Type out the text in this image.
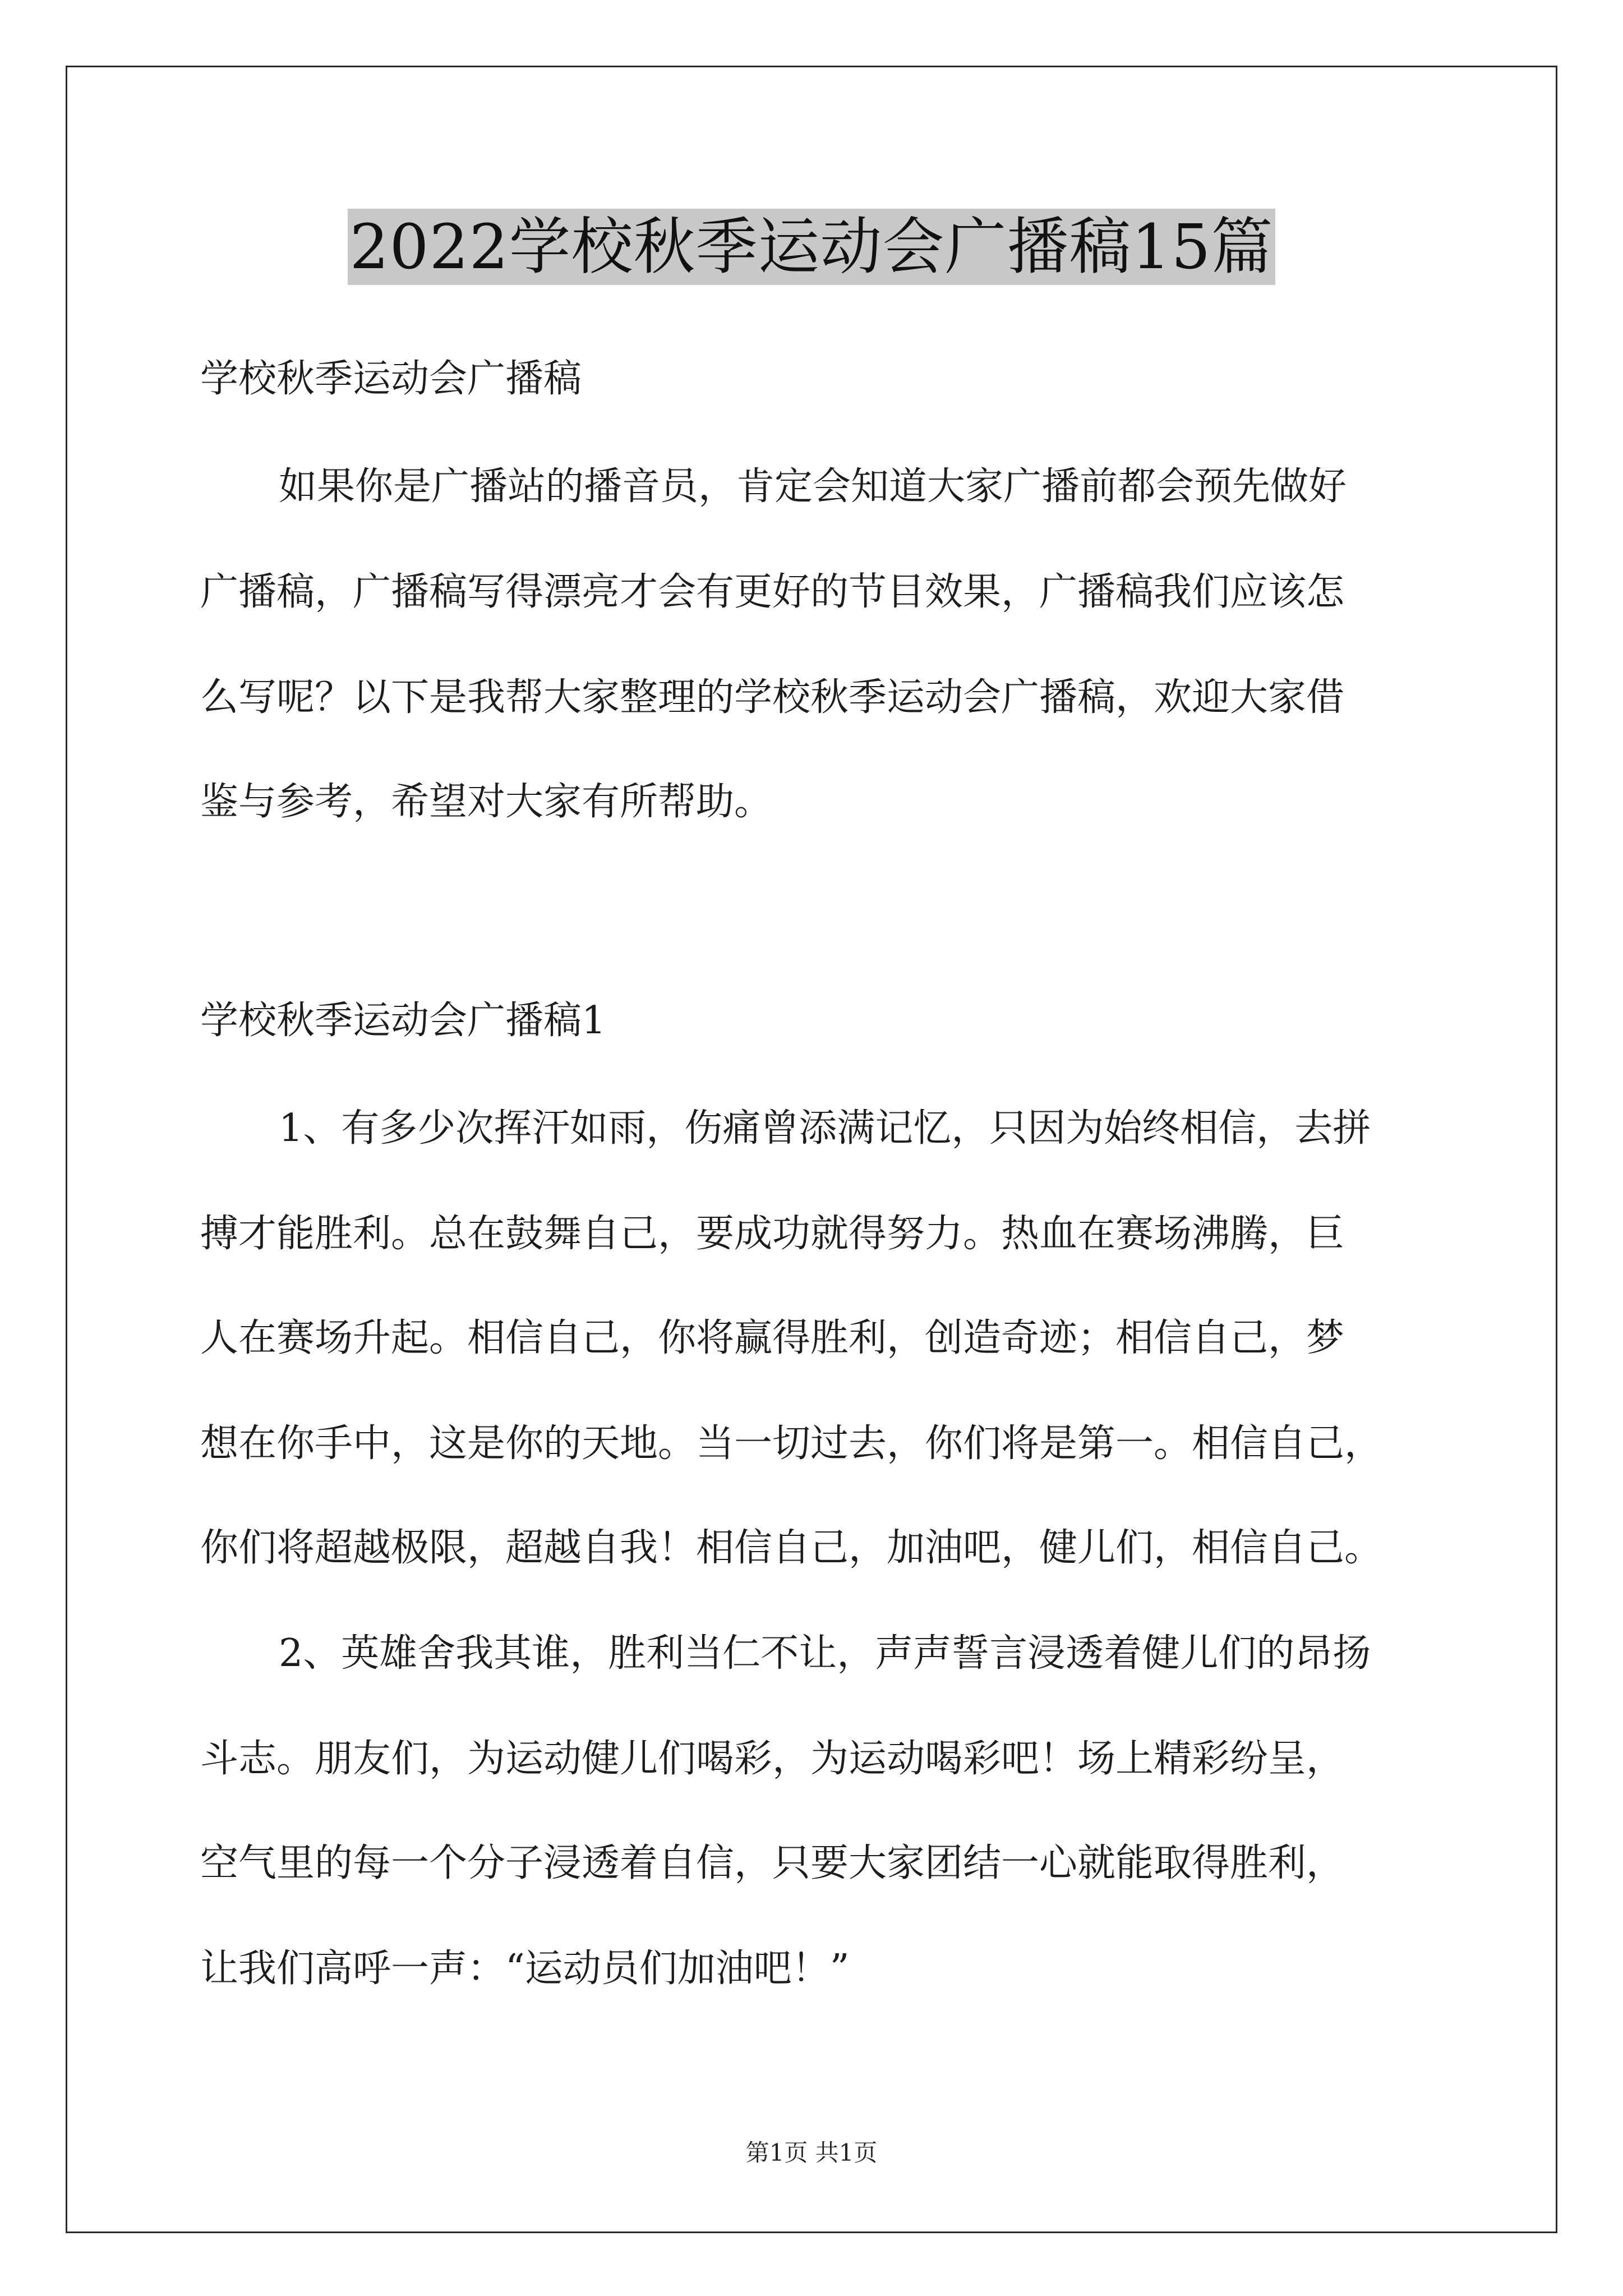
2022学校秋季运动会广播稿15篇
学校秋季运动会广播稿
如果你是广播站的播音员，肯定会知道大家广播前都会预先做好
广播稿，广播稿写得漂亮才会有更好的节目效果，广播稿我们应该怎
么写呢？以下是我帮大家整理的学校秋季运动会广播稿，欢迎大家借
鉴与参考，希望对大家有所帮助。
学校秋季运动会广播稿1
1、有多少次挥汗如雨，伤痛曾添满记忆，只因为始终相信，去拼
搏才能胜利。总在鼓舞自己，要成功就得努力。热血在赛场沸腾，巨
人在赛场升起。相信自己，你将赢得胜利，创造奇迹；相信自己，梦
想在你手中，这是你的天地。当一切过去，你们将是第一。相信自己，
你们将超越极限，超越自我！相信自己，加油吧，健儿们，相信自己。
2、英雄舍我其谁，胜利当仁不让，声声誓言浸透着健儿们的昂扬
斗志。朋友们，为运动健儿们喝彩，为运动喝彩吧！场上精彩纷呈，
空气里的每一个分子浸透着自信，只要大家团结一心就能取得胜利，
让我们高呼一声：“运动员们加油吧！”
第1页 共1页
